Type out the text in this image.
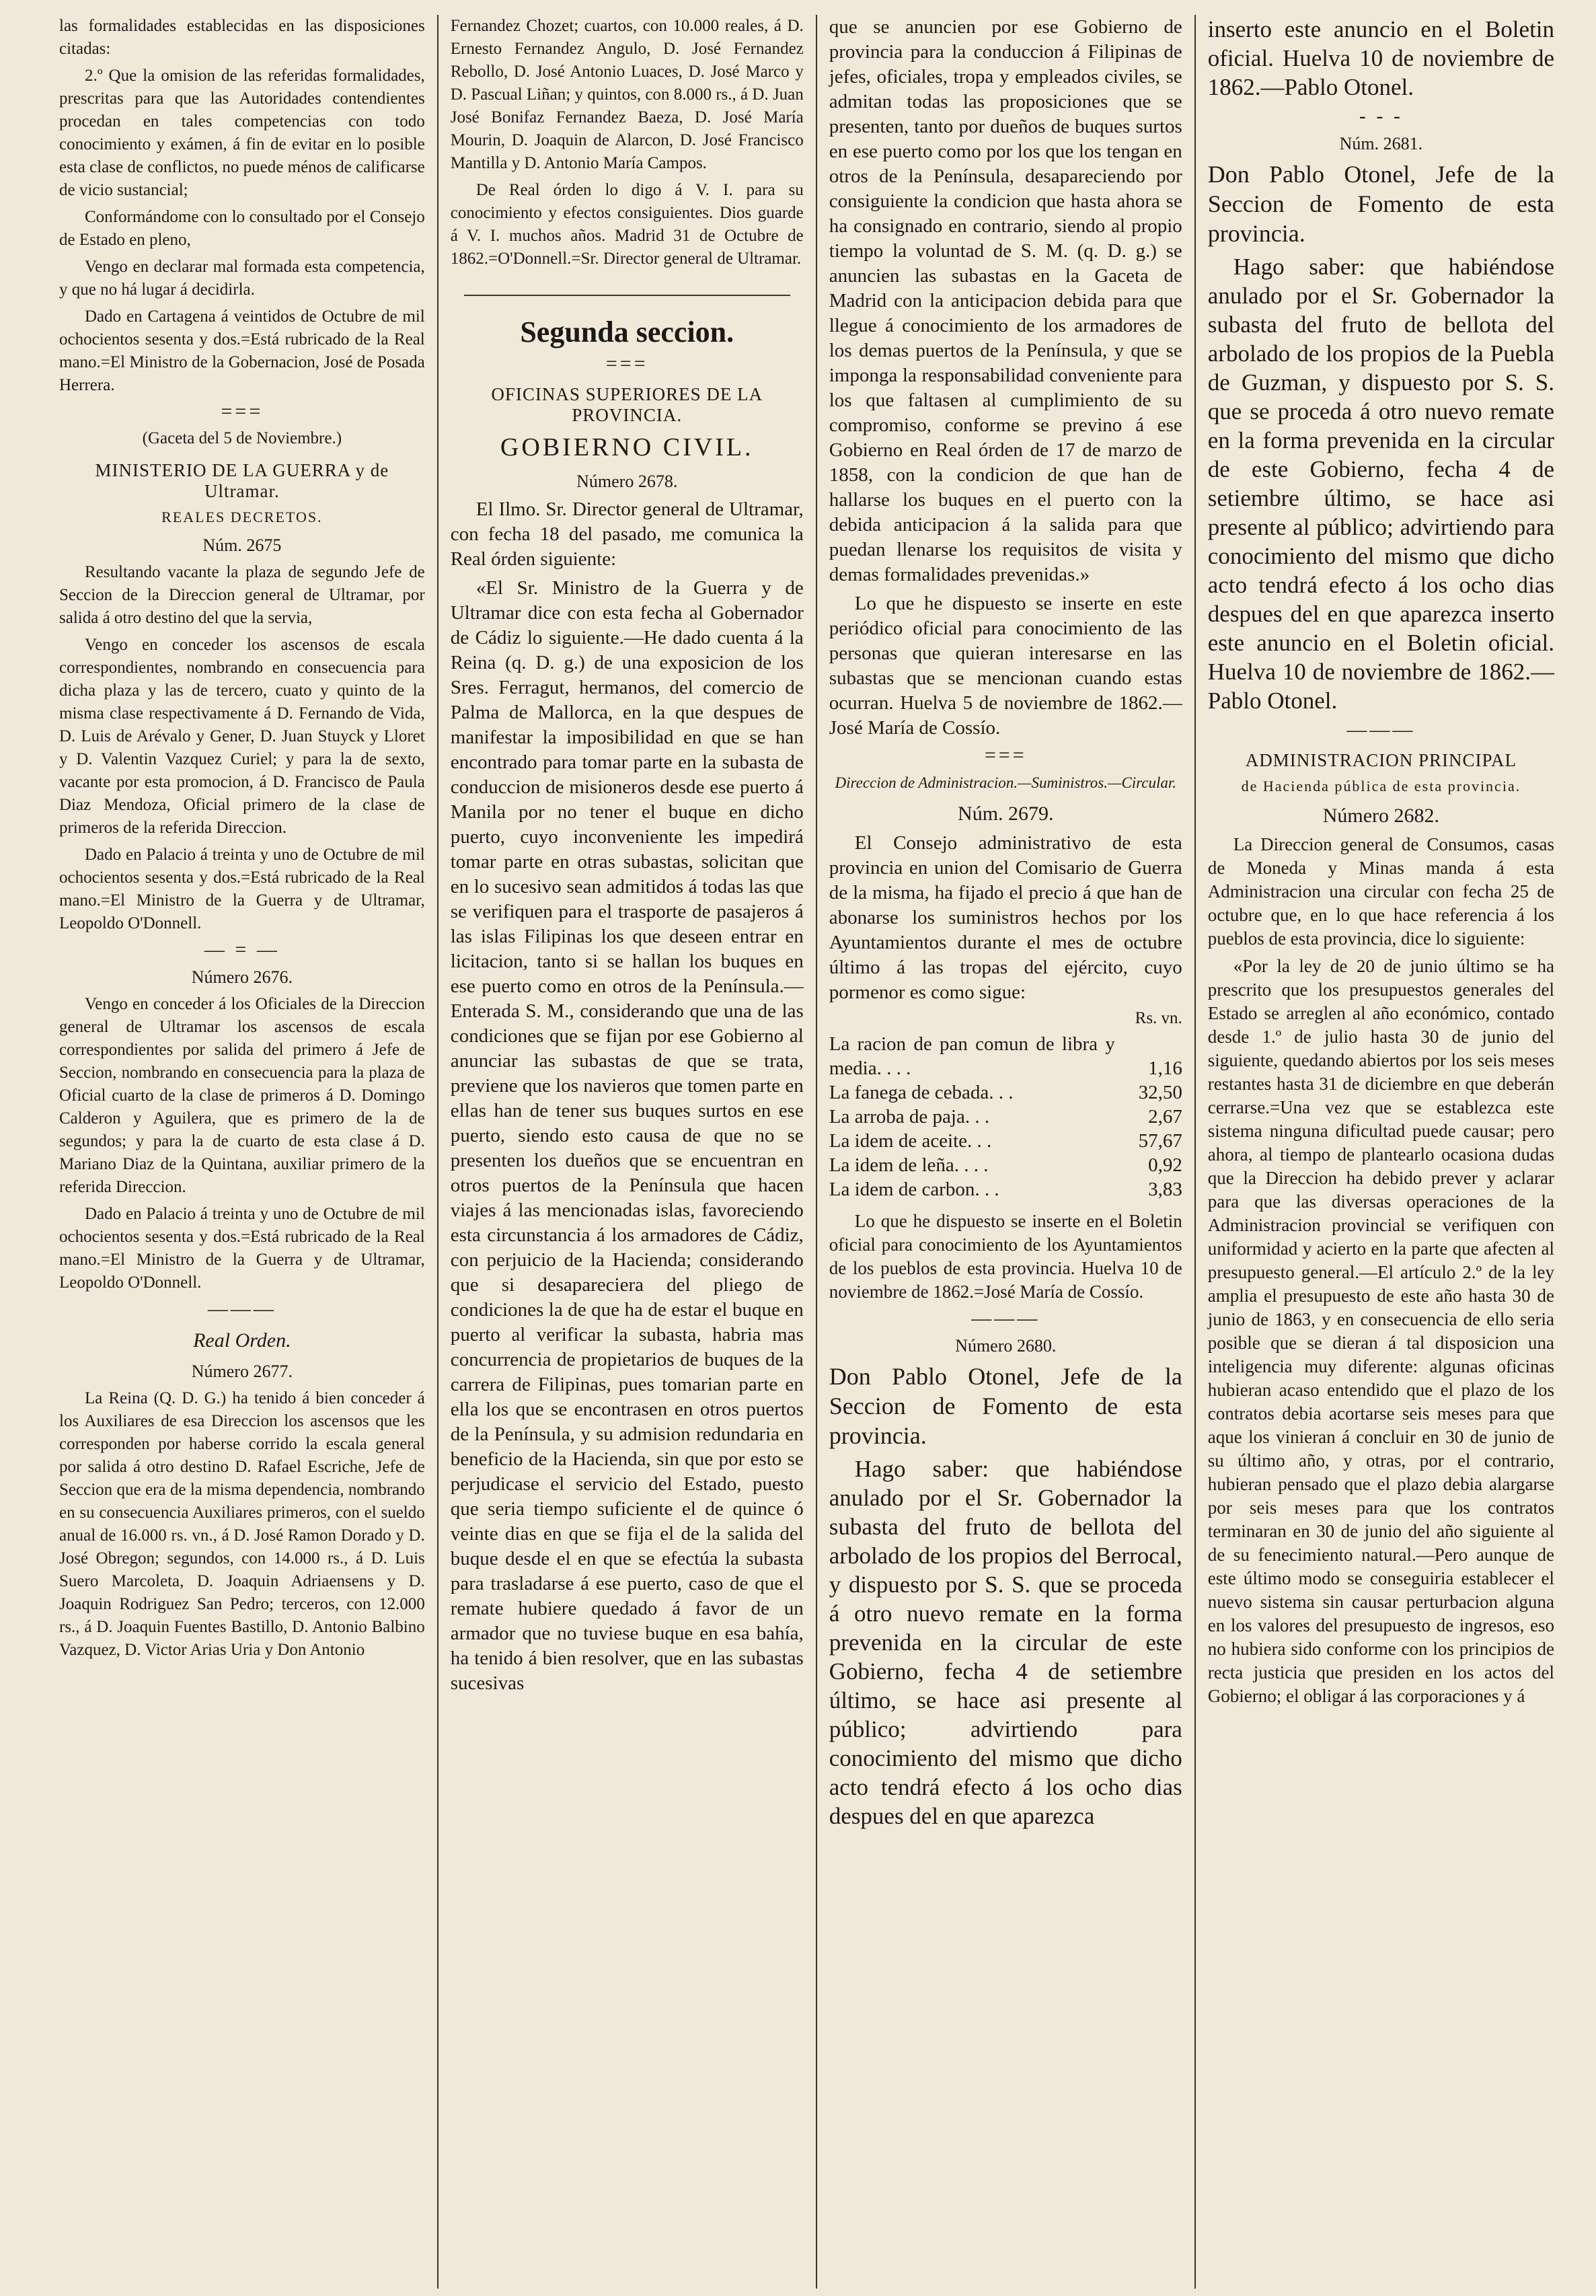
las formalidades establecidas en las disposiciones citadas:

2.º Que la omision de las referidas formalidades, prescritas para que las Autoridades contendientes procedan en tales competencias con todo conocimiento y exámen, á fin de evitar en lo posible esta clase de conflictos, no puede ménos de calificarse de vicio sustancial;

Conformándome con lo consultado por el Consejo de Estado en pleno,

Vengo en declarar mal formada esta competencia, y que no há lugar á decidirla.

Dado en Cartagena á veintidos de Octubre de mil ochocientos sesenta y dos.=Está rubricado de la Real mano.=El Ministro de la Gobernacion, José de Posada Herrera.

===
(Gaceta del 5 de Noviembre.)
MINISTERIO DE LA GUERRA y de Ultramar.
REALES DECRETOS.
Núm. 2675

Resultando vacante la plaza de segundo Jefe de Seccion de la Direccion general de Ultramar, por salida á otro destino del que la servia,

Vengo en conceder los ascensos de escala correspondientes, nombrando en consecuencia para dicha plaza y las de tercero, cuato y quinto de la misma clase respectivamente á D. Fernando de Vida, D. Luis de Arévalo y Gener, D. Juan Stuyck y Lloret y D. Valentin Vazquez Curiel; y para la de sexto, vacante por esta promocion, á D. Francisco de Paula Diaz Mendoza, Oficial primero de la clase de primeros de la referida Direccion.

Dado en Palacio á treinta y uno de Octubre de mil ochocientos sesenta y dos.=Está rubricado de la Real mano.=El Ministro de la Guerra y de Ultramar, Leopoldo O'Donnell.

— = —
Número 2676.

Vengo en conceder á los Oficiales de la Direccion general de Ultramar los ascensos de escala correspondientes por salida del primero á Jefe de Seccion, nombrando en consecuencia para la plaza de Oficial cuarto de la clase de primeros á D. Domingo Calderon y Aguilera, que es primero de la de segundos; y para la de cuarto de esta clase á D. Mariano Diaz de la Quintana, auxiliar primero de la referida Direccion.

Dado en Palacio á treinta y uno de Octubre de mil ochocientos sesenta y dos.=Está rubricado de la Real mano.=El Ministro de la Guerra y de Ultramar, Leopoldo O'Donnell.

———
Real Orden.
Número 2677.

La Reina (Q. D. G.) ha tenido á bien conceder á los Auxiliares de esa Direccion los ascensos que les corresponden por haberse corrido la escala general por salida á otro destino D. Rafael Escriche, Jefe de Seccion que era de la misma dependencia, nombrando en su consecuencia Auxiliares primeros, con el sueldo anual de 16.000 rs. vn., á D. José Ramon Dorado y D. José Obregon; segundos, con 14.000 rs., á D. Luis Suero Marcoleta, D. Joaquin Adriaensens y D. Joaquin Rodriguez San Pedro; terceros, con 12.000 rs., á D. Joaquin Fuentes Bastillo, D. Antonio Balbino Vazquez, D. Victor Arias Uria y Don Antonio

Fernandez Chozet; cuartos, con 10.000 reales, á D. Ernesto Fernandez Angulo, D. José Fernandez Rebollo, D. José Antonio Luaces, D. José Marco y D. Pascual Liñan; y quintos, con 8.000 rs., á D. Juan José Bonifaz Fernandez Baeza, D. José María Mourin, D. Joaquin de Alarcon, D. José Francisco Mantilla y D. Antonio María Campos.

De Real órden lo digo á V. I. para su conocimiento y efectos consiguientes. Dios guarde á V. I. muchos años. Madrid 31 de Octubre de 1862.=O'Donnell.=Sr. Director general de Ultramar.

Segunda seccion.
===
OFICINAS SUPERIORES DE LA PROVINCIA.
GOBIERNO CIVIL.
Número 2678.

El Ilmo. Sr. Director general de Ultramar, con fecha 18 del pasado, me comunica la Real órden siguiente:

«El Sr. Ministro de la Guerra y de Ultramar dice con esta fecha al Gobernador de Cádiz lo siguiente.—He dado cuenta á la Reina (q. D. g.) de una exposicion de los Sres. Ferragut, hermanos, del comercio de Palma de Mallorca, en la que despues de manifestar la imposibilidad en que se han encontrado para tomar parte en la subasta de conduccion de misioneros desde ese puerto á Manila por no tener el buque en dicho puerto, cuyo inconveniente les impedirá tomar parte en otras subastas, solicitan que en lo sucesivo sean admitidos á todas las que se verifiquen para el trasporte de pasajeros á las islas Filipinas los que deseen entrar en licitacion, tanto si se hallan los buques en ese puerto como en otros de la Península.—Enterada S. M., considerando que una de las condiciones que se fijan por ese Gobierno al anunciar las subastas de que se trata, previene que los navieros que tomen parte en ellas han de tener sus buques surtos en ese puerto, siendo esto causa de que no se presenten los dueños que se encuentran en otros puertos de la Península que hacen viajes á las mencionadas islas, favoreciendo esta circunstancia á los armadores de Cádiz, con perjuicio de la Hacienda; considerando que si desapareciera del pliego de condiciones la de que ha de estar el buque en puerto al verificar la subasta, habria mas concurrencia de propietarios de buques de la carrera de Filipinas, pues tomarian parte en ella los que se encontrasen en otros puertos de la Península, y su admision redundaria en beneficio de la Hacienda, sin que por esto se perjudicase el servicio del Estado, puesto que seria tiempo suficiente el de quince ó veinte dias en que se fija el de la salida del buque desde el en que se efectúa la subasta para trasladarse á ese puerto, caso de que el remate hubiere quedado á favor de un armador que no tuviese buque en esa bahía, ha tenido á bien resolver, que en las subastas sucesivas

que se anuncien por ese Gobierno de provincia para la conduccion á Filipinas de jefes, oficiales, tropa y empleados civiles, se admitan todas las proposiciones que se presenten, tanto por dueños de buques surtos en ese puerto como por los que los tengan en otros de la Península, desapareciendo por consiguiente la condicion que hasta ahora se ha consignado en contrario, siendo al propio tiempo la voluntad de S. M. (q. D. g.) se anuncien las subastas en la Gaceta de Madrid con la anticipacion debida para que llegue á conocimiento de los armadores de los demas puertos de la Península, y que se imponga la responsabilidad conveniente para los que faltasen al cumplimiento de su compromiso, conforme se previno á ese Gobierno en Real órden de 17 de marzo de 1858, con la condicion de que han de hallarse los buques en el puerto con la debida anticipacion á la salida para que puedan llenarse los requisitos de visita y demas formalidades prevenidas.»

Lo que he dispuesto se inserte en este periódico oficial para conocimiento de las personas que quieran interesarse en las subastas que se mencionan cuando estas ocurran. Huelva 5 de noviembre de 1862.—José María de Cossío.

===
Direccion de Administracion.—Suministros.—Circular.
Núm. 2679.

El Consejo administrativo de esta provincia en union del Comisario de Guerra de la misma, ha fijado el precio á que han de abonarse los suministros hechos por los Ayuntamientos durante el mes de octubre último á las tropas del ejército, cuyo pormenor es como sigue:

Rs. vn.
La racion de pan comun de libra y media. . . .	1,16
La fanega de cebada. . .	32,50
La arroba de paja. . .	2,67
La idem de aceite. . .	57,67
La idem de leña. . . .	0,92
La idem de carbon. . .	3,83

Lo que he dispuesto se inserte en el Boletin oficial para conocimiento de los Ayuntamientos de los pueblos de esta provincia. Huelva 10 de noviembre de 1862.=José María de Cossío.

———
Número 2680.

Don Pablo Otonel, Jefe de la Seccion de Fomento de esta provincia.

Hago saber: que habiéndose anulado por el Sr. Gobernador la subasta del fruto de bellota del arbolado de los propios del Berrocal, y dispuesto por S. S. que se proceda á otro nuevo remate en la forma prevenida en la circular de este Gobierno, fecha 4 de setiembre último, se hace asi presente al público; advirtiendo para conocimiento del mismo que dicho acto tendrá efecto á los ocho dias despues del en que aparezca

inserto este anuncio en el Boletin oficial. Huelva 10 de noviembre de 1862.—Pablo Otonel.

- - -
Núm. 2681.

Don Pablo Otonel, Jefe de la Seccion de Fomento de esta provincia.

Hago saber: que habiéndose anulado por el Sr. Gobernador la subasta del fruto de bellota del arbolado de los propios de la Puebla de Guzman, y dispuesto por S. S. que se proceda á otro nuevo remate en la forma prevenida en la circular de este Gobierno, fecha 4 de setiembre último, se hace asi presente al público; advirtiendo para conocimiento del mismo que dicho acto tendrá efecto á los ocho dias despues del en que aparezca inserto este anuncio en el Boletin oficial. Huelva 10 de noviembre de 1862.—Pablo Otonel.

———
ADMINISTRACION PRINCIPAL
de Hacienda pública de esta provincia.
Número 2682.

La Direccion general de Consumos, casas de Moneda y Minas manda á esta Administracion una circular con fecha 25 de octubre que, en lo que hace referencia á los pueblos de esta provincia, dice lo siguiente:

«Por la ley de 20 de junio último se ha prescrito que los presupuestos generales del Estado se arreglen al año económico, contado desde 1.º de julio hasta 30 de junio del siguiente, quedando abiertos por los seis meses restantes hasta 31 de diciembre en que deberán cerrarse.=Una vez que se establezca este sistema ninguna dificultad puede causar; pero ahora, al tiempo de plantearlo ocasiona dudas que la Direccion ha debido prever y aclarar para que las diversas operaciones de la Administracion provincial se verifiquen con uniformidad y acierto en la parte que afecten al presupuesto general.—El artículo 2.º de la ley amplia el presupuesto de este año hasta 30 de junio de 1863, y en consecuencia de ello seria posible que se dieran á tal disposicion una inteligencia muy diferente: algunas oficinas hubieran acaso entendido que el plazo de los contratos debia acortarse seis meses para que aque los vinieran á concluir en 30 de junio de su último año, y otras, por el contrario, hubieran pensado que el plazo debia alargarse por seis meses para que los contratos terminaran en 30 de junio del año siguiente al de su fenecimiento natural.—Pero aunque de este último modo se conseguiria establecer el nuevo sistema sin causar perturbacion alguna en los valores del presupuesto de ingresos, eso no hubiera sido conforme con los principios de recta justicia que presiden en los actos del Gobierno; el obligar á las corporaciones y á
